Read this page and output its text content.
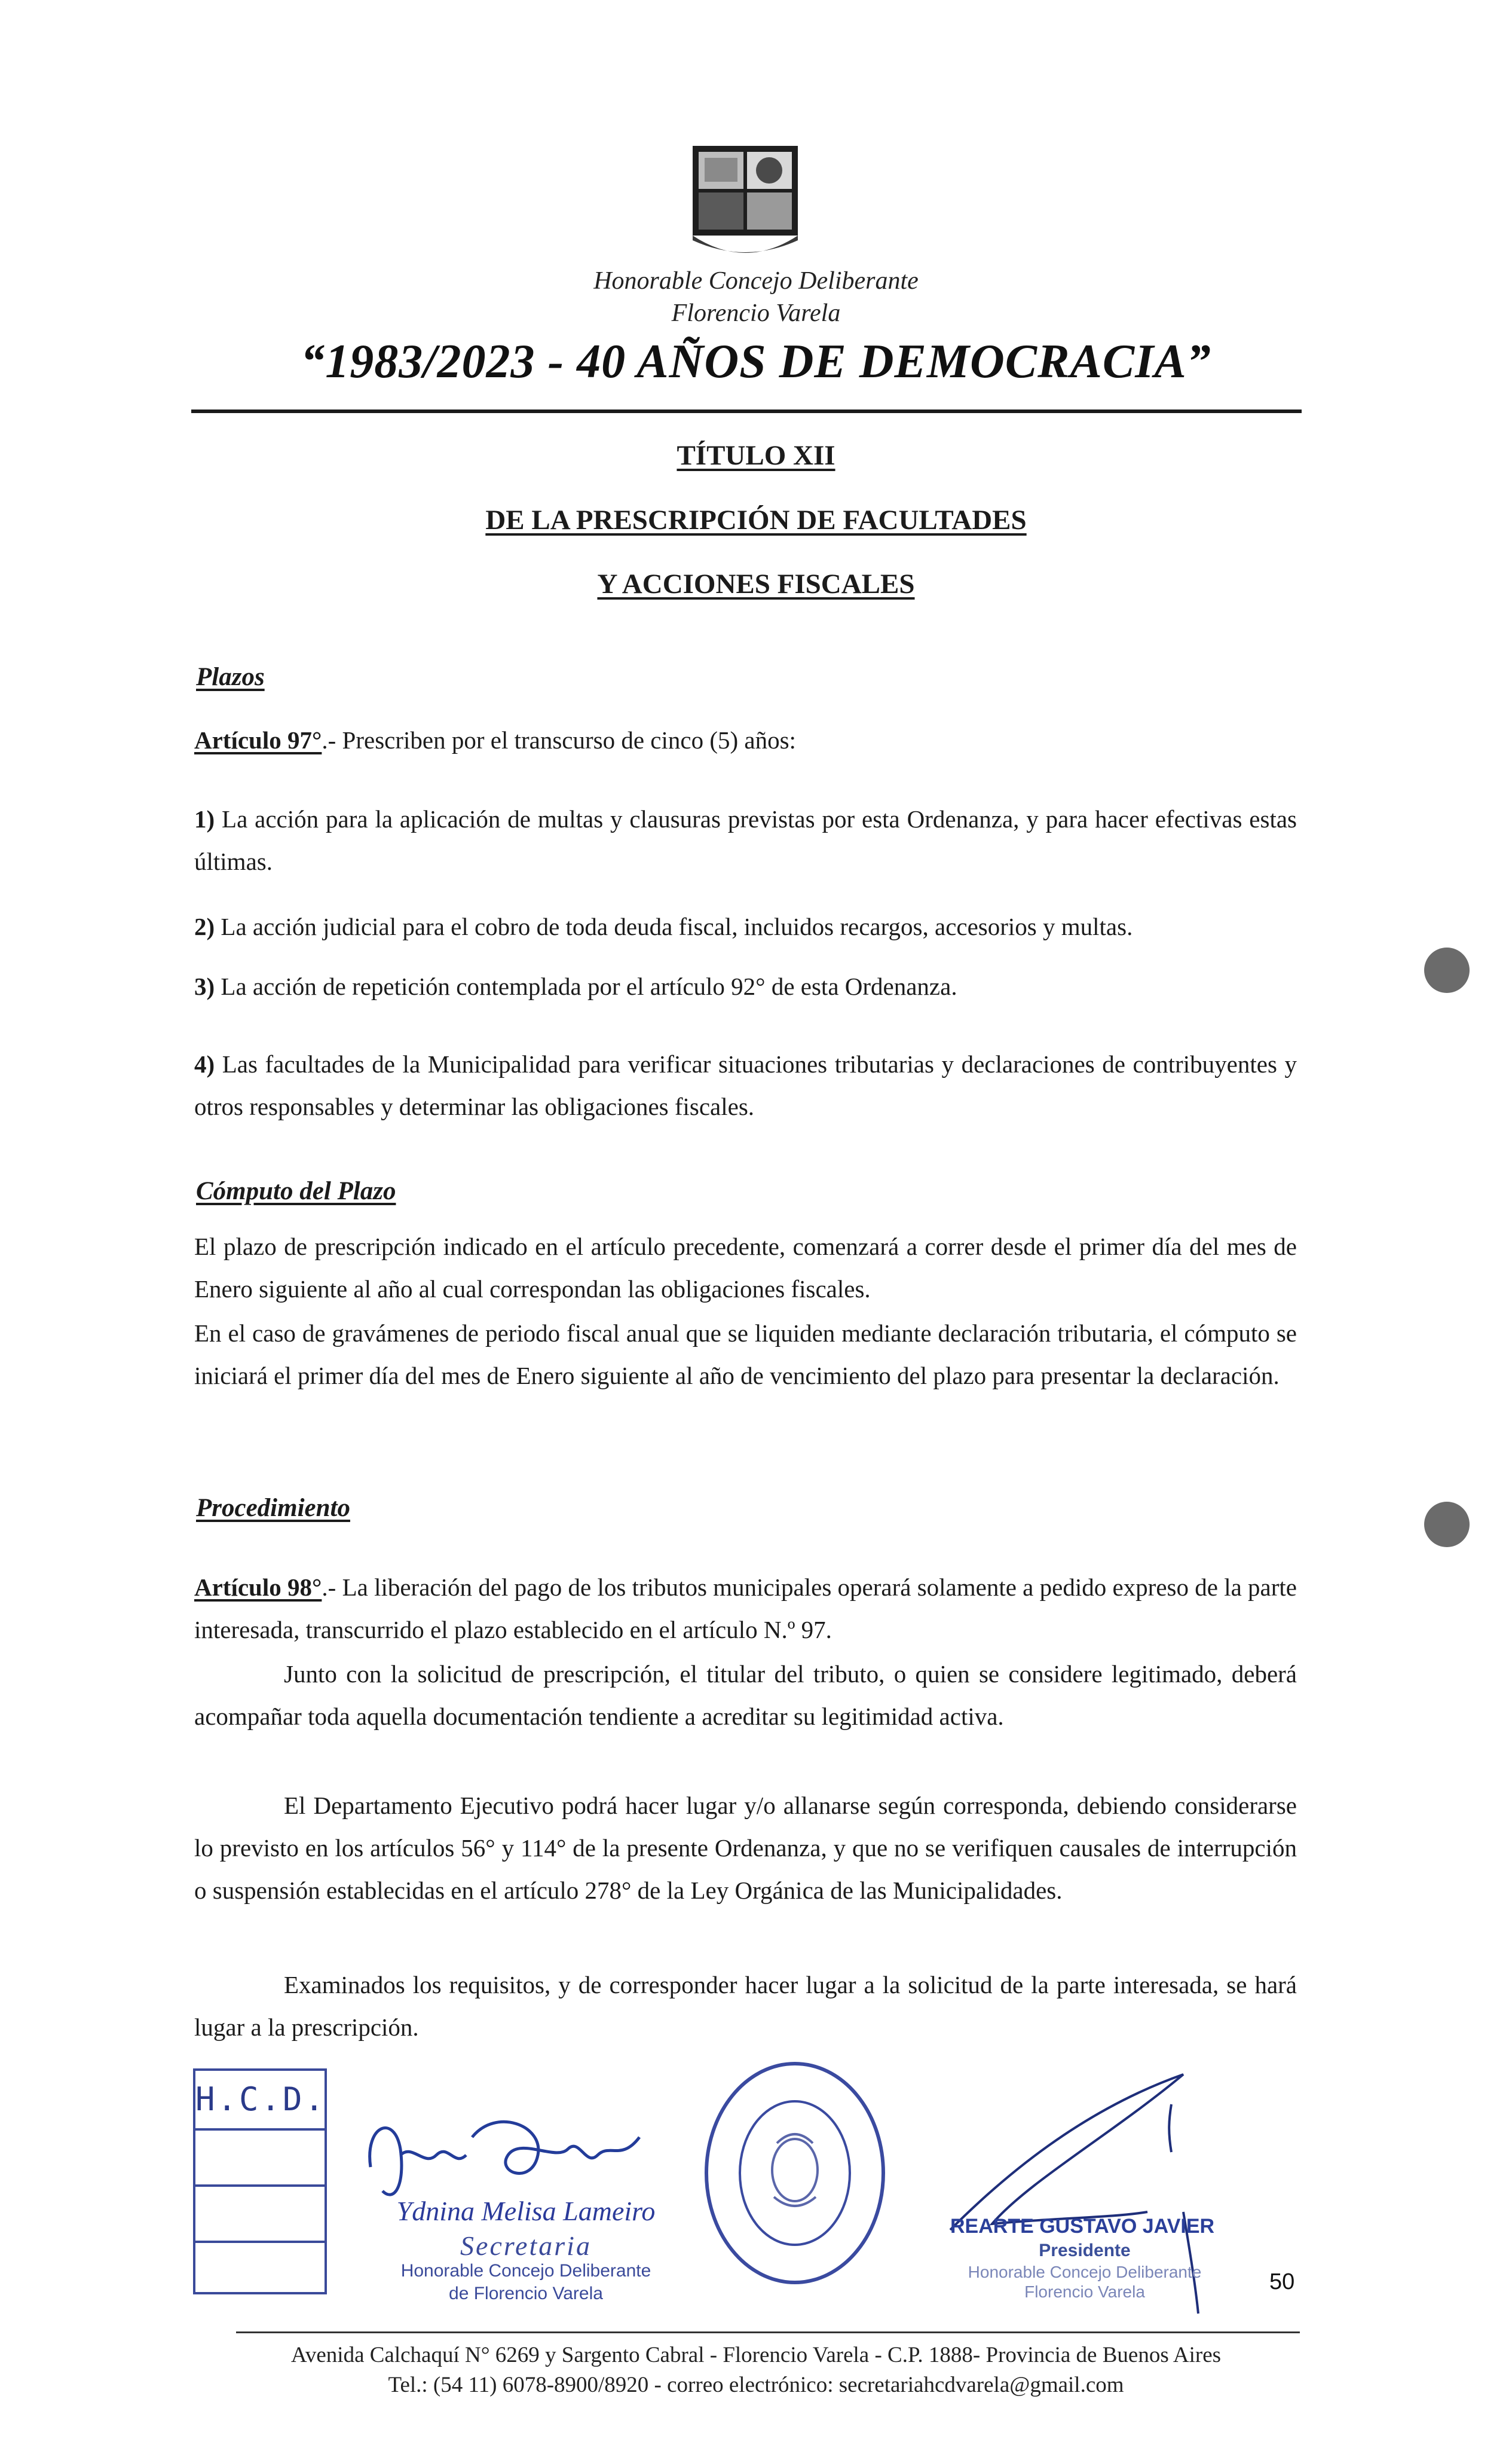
Honorable Concejo Deliberante
Florencio Varela
“1983/2023 - 40 AÑOS DE DEMOCRACIA”
TÍTULO XII
DE LA PRESCRIPCIÓN DE FACULTADES
Y ACCIONES FISCALES
Plazos
Artículo 97°.- Prescriben por el transcurso de cinco (5) años:
1) La acción para la aplicación de multas y clausuras previstas por esta Ordenanza, y para hacer efectivas estas últimas.
2) La acción judicial para el cobro de toda deuda fiscal, incluidos recargos, accesorios y multas.
3) La acción de repetición contemplada por el artículo 92° de esta Ordenanza.
4) Las facultades de la Municipalidad para verificar situaciones tributarias y declaraciones de contribuyentes y otros responsables y determinar las obligaciones fiscales.
Cómputo del Plazo
El plazo de prescripción indicado en el artículo precedente, comenzará a correr desde el primer día del mes de Enero siguiente al año al cual correspondan las obligaciones fiscales.
En el caso de gravámenes de periodo fiscal anual que se liquiden mediante declaración tributaria, el cómputo se iniciará el primer día del mes de Enero siguiente al año de vencimiento del plazo para presentar la declaración.
Procedimiento
Artículo 98°.- La liberación del pago de los tributos municipales operará solamente a pedido expreso de la parte interesada, transcurrido el plazo establecido en el artículo N.º 97.
Junto con la solicitud de prescripción, el titular del tributo, o quien se considere legitimado, deberá acompañar toda aquella documentación tendiente a acreditar su legitimidad activa.
El Departamento Ejecutivo podrá hacer lugar y/o allanarse según corresponda, debiendo considerarse lo previsto en los artículos 56° y 114° de la presente Ordenanza, y que no se verifiquen causales de interrupción o suspensión establecidas en el artículo 278° de la Ley Orgánica de las Municipalidades.
Examinados los requisitos, y de corresponder hacer lugar a la solicitud de la parte interesada, se hará lugar a la prescripción.
H.C.D.
Ydnina Melisa Lameiro
Secretaria
Honorable Concejo Deliberante
de Florencio Varela
REARTE GUSTAVO JAVIER
Presidente
Honorable Concejo Deliberante
Florencio Varela	50
Avenida Calchaquí N° 6269 y Sargento Cabral - Florencio Varela - C.P. 1888- Provincia de Buenos Aires
Tel.: (54 11) 6078-8900/8920 - correo electrónico: secretariahcdvarela@gmail.com
